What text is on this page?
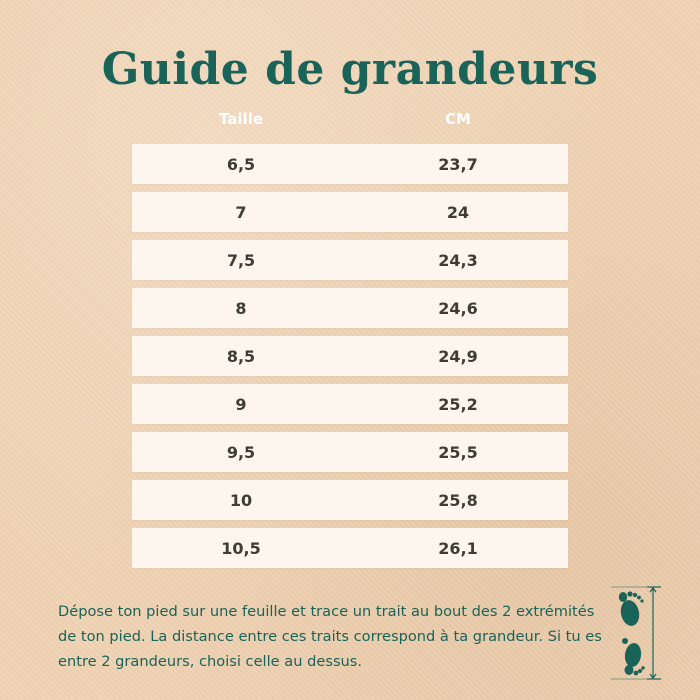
Guide de grandeurs
Taille	CM
6,5	23,7
7	24
7,5	24,3
8	24,6
8,5	24,9
9	25,2
9,5	25,5
10	25,8
10,5	26,1

Dépose ton pied sur une feuille et trace un trait au bout des 2 extrémités de ton pied. La distance entre ces traits correspond à ta grandeur. Si tu es entre 2 grandeurs, choisi celle au dessus.
